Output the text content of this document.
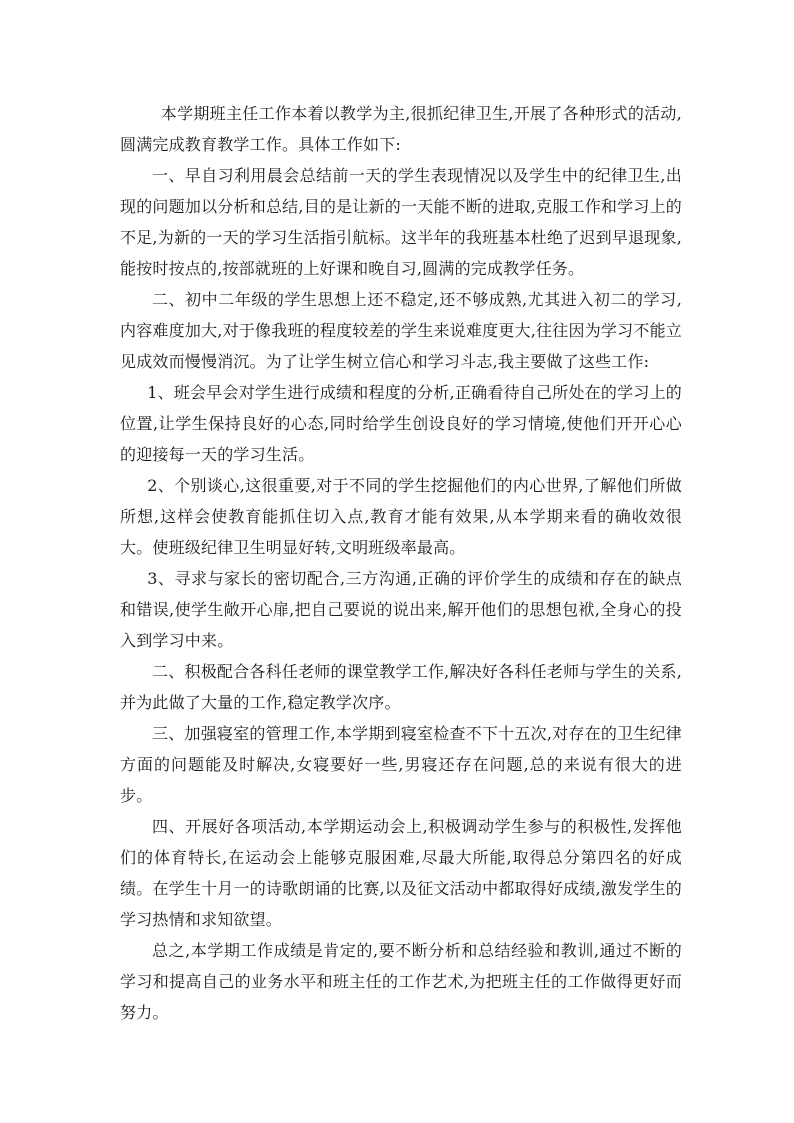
本学期班主任工作本着以教学为主,很抓纪律卫生,开展了各种形式的活动,圆满完成教育教学工作。具体工作如下:

一、早自习利用晨会总结前一天的学生表现情况以及学生中的纪律卫生,出现的问题加以分析和总结,目的是让新的一天能不断的进取,克服工作和学习上的不足,为新的一天的学习生活指引航标。这半年的我班基本杜绝了迟到早退现象,能按时按点的,按部就班的上好课和晚自习,圆满的完成教学任务。

二、初中二年级的学生思想上还不稳定,还不够成熟,尤其进入初二的学习,内容难度加大,对于像我班的程度较差的学生来说难度更大,往往因为学习不能立见成效而慢慢消沉。为了让学生树立信心和学习斗志,我主要做了这些工作:

1、班会早会对学生进行成绩和程度的分析,正确看待自己所处在的学习上的位置,让学生保持良好的心态,同时给学生创设良好的学习情境,使他们开开心心的迎接每一天的学习生活。

2、个别谈心,这很重要,对于不同的学生挖掘他们的内心世界,了解他们所做所想,这样会使教育能抓住切入点,教育才能有效果,从本学期来看的确收效很大。使班级纪律卫生明显好转,文明班级率最高。

3、寻求与家长的密切配合,三方沟通,正确的评价学生的成绩和存在的缺点和错误,使学生敞开心扉,把自己要说的说出来,解开他们的思想包袱,全身心的投入到学习中来。

二、积极配合各科任老师的课堂教学工作,解决好各科任老师与学生的关系,并为此做了大量的工作,稳定教学次序。

三、加强寝室的管理工作,本学期到寝室检查不下十五次,对存在的卫生纪律方面的问题能及时解决,女寝要好一些,男寝还存在问题,总的来说有很大的进步。

四、开展好各项活动,本学期运动会上,积极调动学生参与的积极性,发挥他们的体育特长,在运动会上能够克服困难,尽最大所能,取得总分第四名的好成绩。在学生十月一的诗歌朗诵的比赛,以及征文活动中都取得好成绩,激发学生的学习热情和求知欲望。

总之,本学期工作成绩是肯定的,要不断分析和总结经验和教训,通过不断的学习和提高自己的业务水平和班主任的工作艺术,为把班主任的工作做得更好而努力。
